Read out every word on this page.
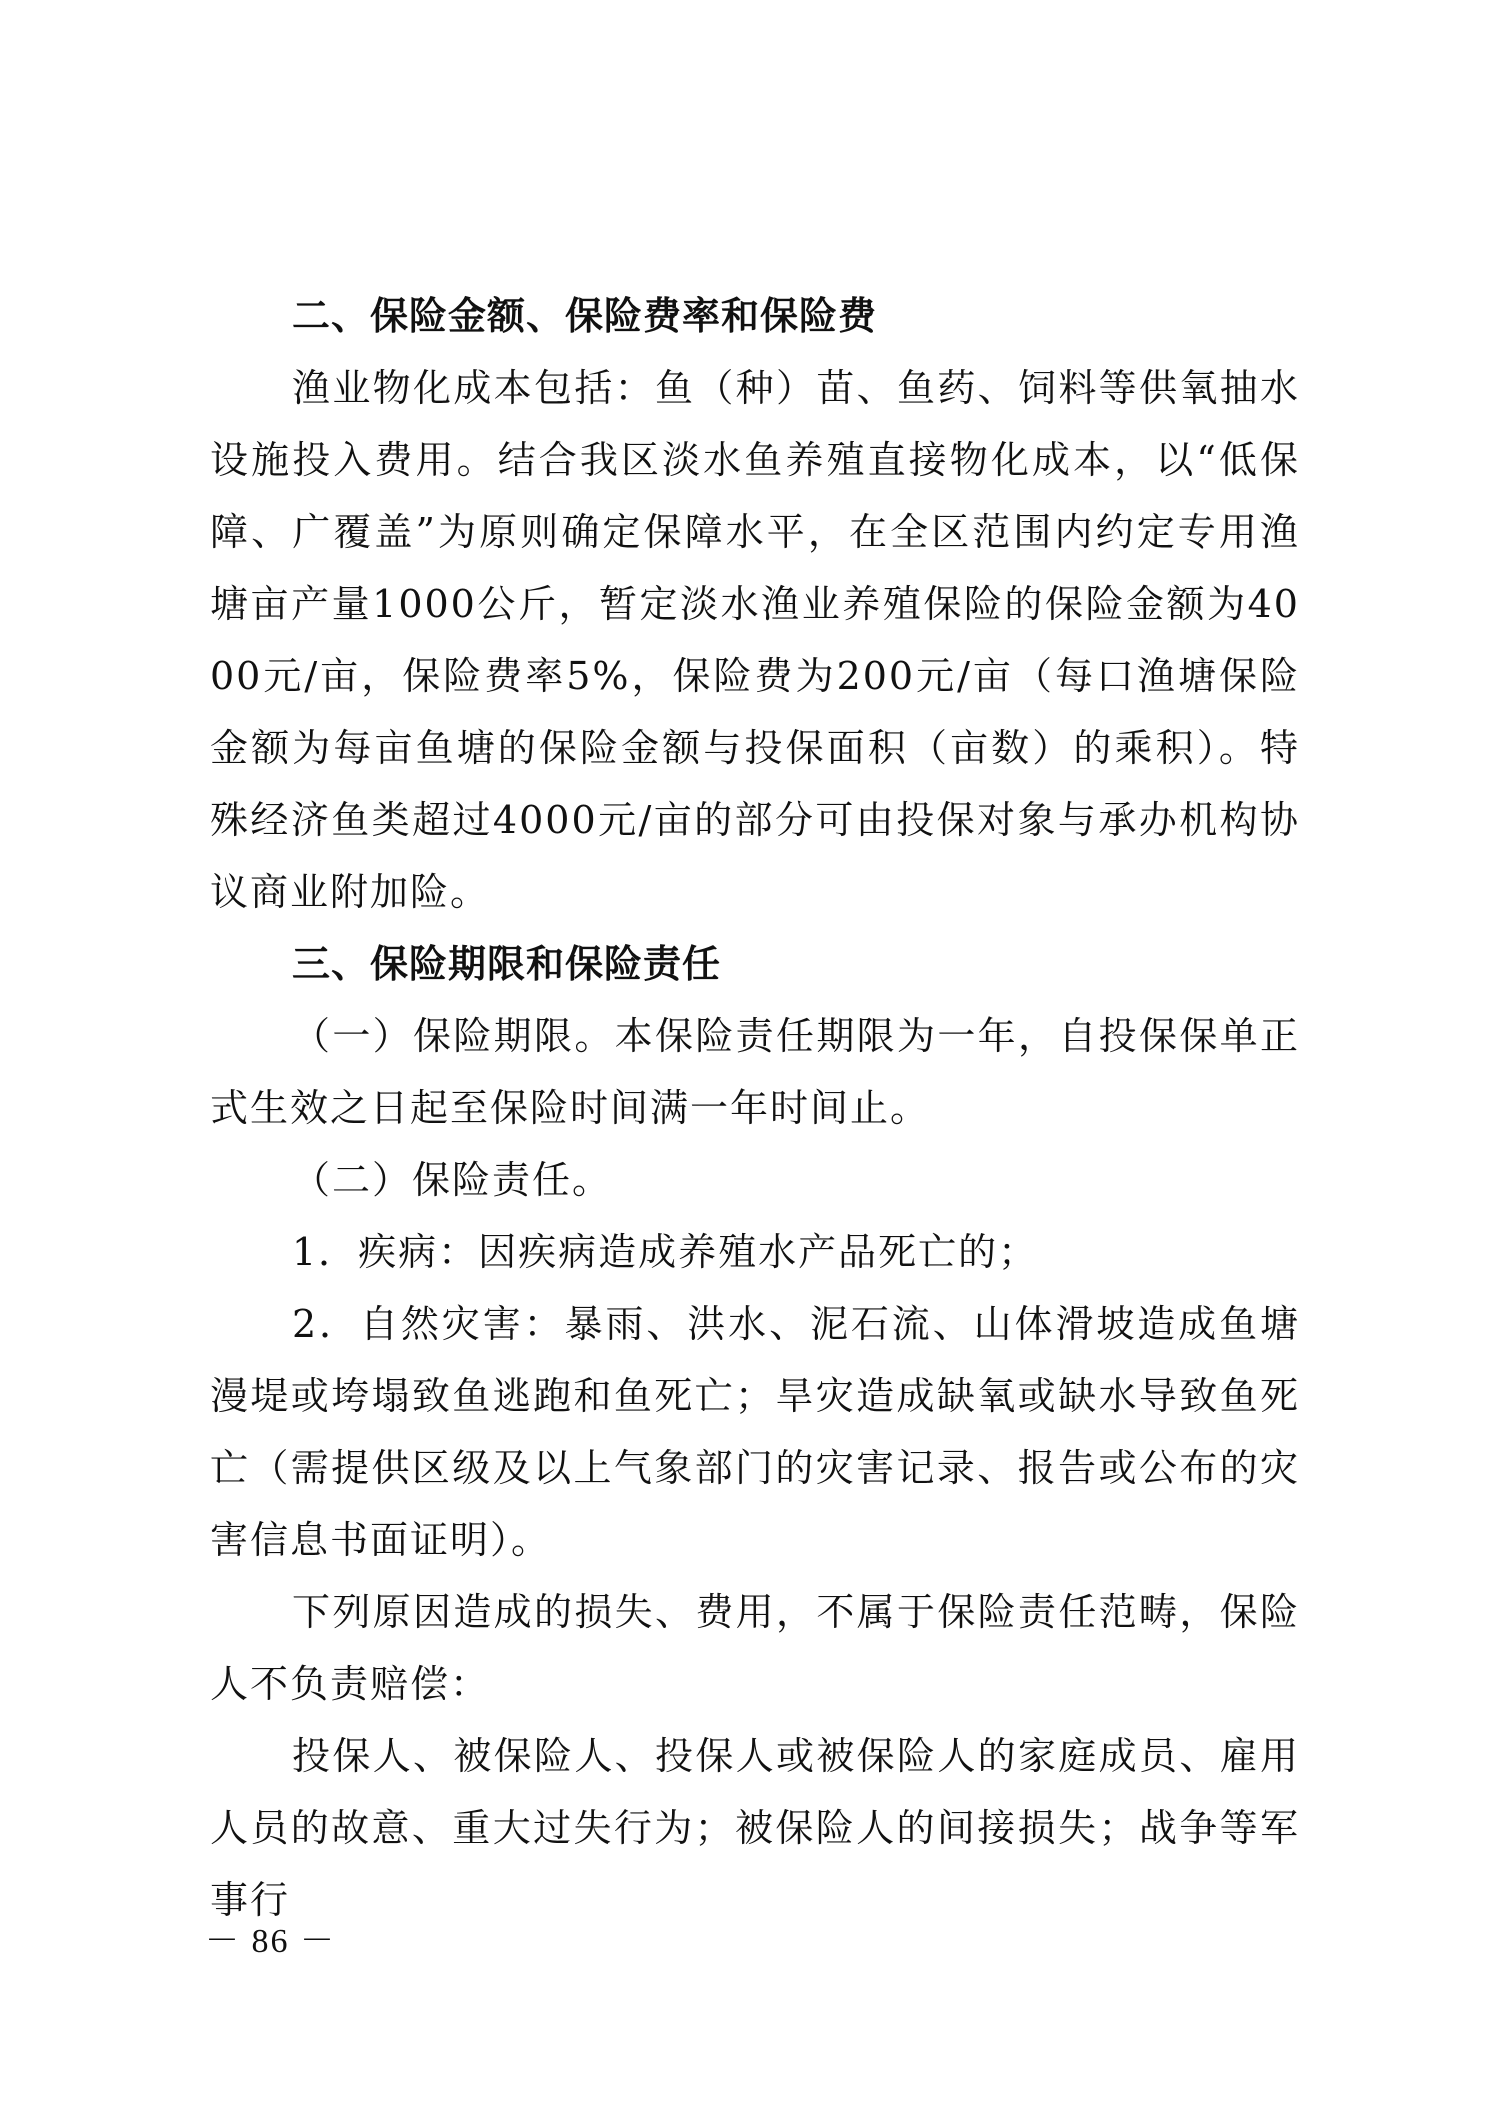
二、保险金额、保险费率和保险费

渔业物化成本包括：鱼（种）苗、鱼药、饲料等供氧抽水设施投入费用。结合我区淡水鱼养殖直接物化成本，以“低保障、广覆盖”为原则确定保障水平，在全区范围内约定专用渔塘亩产量1000公斤，暂定淡水渔业养殖保险的保险金额为4000元/亩，保险费率5%，保险费为200元/亩（每口渔塘保险金额为每亩鱼塘的保险金额与投保面积（亩数）的乘积）。特殊经济鱼类超过4000元/亩的部分可由投保对象与承办机构协议商业附加险。

三、保险期限和保险责任

（一）保险期限。本保险责任期限为一年，自投保保单正式生效之日起至保险时间满一年时间止。

（二）保险责任。

1．疾病：因疾病造成养殖水产品死亡的；

2．自然灾害：暴雨、洪水、泥石流、山体滑坡造成鱼塘漫堤或垮塌致鱼逃跑和鱼死亡；旱灾造成缺氧或缺水导致鱼死亡（需提供区级及以上气象部门的灾害记录、报告或公布的灾害信息书面证明）。

下列原因造成的损失、费用，不属于保险责任范畴，保险人不负责赔偿：

投保人、被保险人、投保人或被保险人的家庭成员、雇用人员的故意、重大过失行为；被保险人的间接损失；战争等军事行

－ 86 －
